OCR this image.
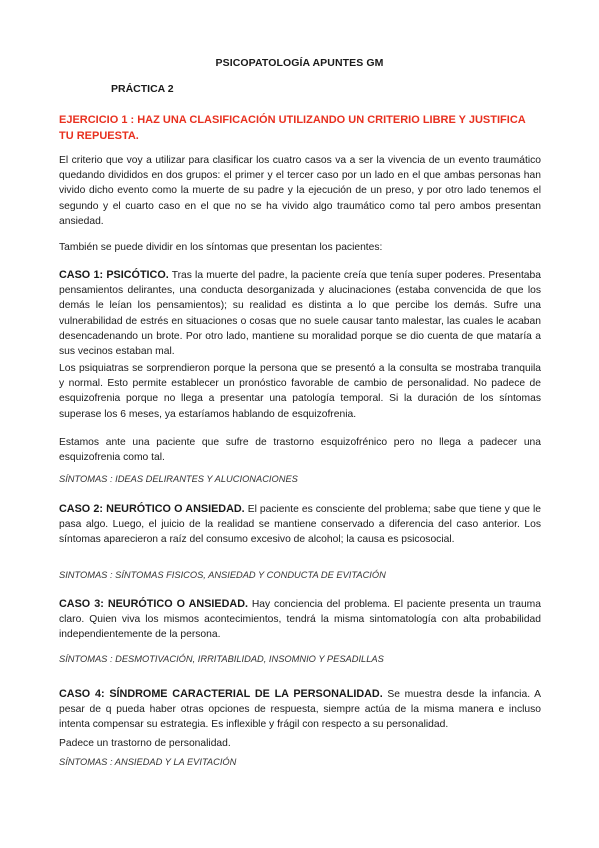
PSICOPATOLOGÍA APUNTES GM
PRÁCTICA 2
EJERCICIO 1 : HAZ UNA CLASIFICACIÓN UTILIZANDO UN CRITERIO LIBRE Y JUSTIFICA TU REPUESTA.
El criterio que voy a utilizar para clasificar los cuatro casos va a ser la vivencia de un evento traumático quedando divididos en dos grupos: el primer y el tercer caso por un lado en el que ambas personas han vivido dicho evento como la muerte de su padre y la ejecución de un preso, y por otro lado tenemos el segundo y el cuarto caso en el que no se ha vivido algo traumático como tal pero ambos presentan ansiedad.
También se puede dividir en los síntomas que presentan los pacientes:
CASO 1: PSICÓTICO. Tras la muerte del padre, la paciente creía que tenía super poderes. Presentaba pensamientos delirantes, una conducta desorganizada y alucinaciones (estaba convencida de que los demás le leían los pensamientos); su realidad es distinta a lo que percibe los demás. Sufre una vulnerabilidad de estrés en situaciones o cosas que no suele causar tanto malestar, las cuales le acaban desencadenando un brote. Por otro lado, mantiene su moralidad porque se dio cuenta de que mataría a sus vecinos estaban mal.
Los psiquiatras se sorprendieron porque la persona que se presentó a la consulta se mostraba tranquila y normal. Esto permite establecer un pronóstico favorable de cambio de personalidad. No padece de esquizofrenia porque no llega a presentar una patología temporal. Si la duración de los síntomas superase los 6 meses, ya estaríamos hablando de esquizofrenia.
Estamos ante una paciente que sufre de trastorno esquizofrénico pero no llega a padecer una esquizofrenia como tal.
SÍNTOMAS : IDEAS DELIRANTES Y ALUCIONACIONES
CASO 2: NEURÓTICO O ANSIEDAD. El paciente es consciente del problema; sabe que tiene y que le pasa algo. Luego, el juicio de la realidad se mantiene conservado a diferencia del caso anterior. Los síntomas aparecieron a raíz del consumo excesivo de alcohol; la causa es psicosocial.
SINTOMAS : SÍNTOMAS FISICOS, ANSIEDAD Y CONDUCTA DE EVITACIÓN
CASO 3: NEURÓTICO O ANSIEDAD. Hay conciencia del problema. El paciente presenta un trauma claro. Quien viva los mismos acontecimientos, tendrá la misma sintomatología con alta probabilidad independientemente de la persona.
SÍNTOMAS : DESMOTIVACIÓN, IRRITABILIDAD, INSOMNIO Y PESADILLAS
CASO 4: SÍNDROME CARACTERIAL DE LA PERSONALIDAD. Se muestra desde la infancia. A pesar de q pueda haber otras opciones de respuesta, siempre actúa de la misma manera e incluso intenta compensar su estrategia. Es inflexible y frágil con respecto a su personalidad.
Padece un trastorno de personalidad.
SÍNTOMAS : ANSIEDAD Y LA EVITACIÓN
